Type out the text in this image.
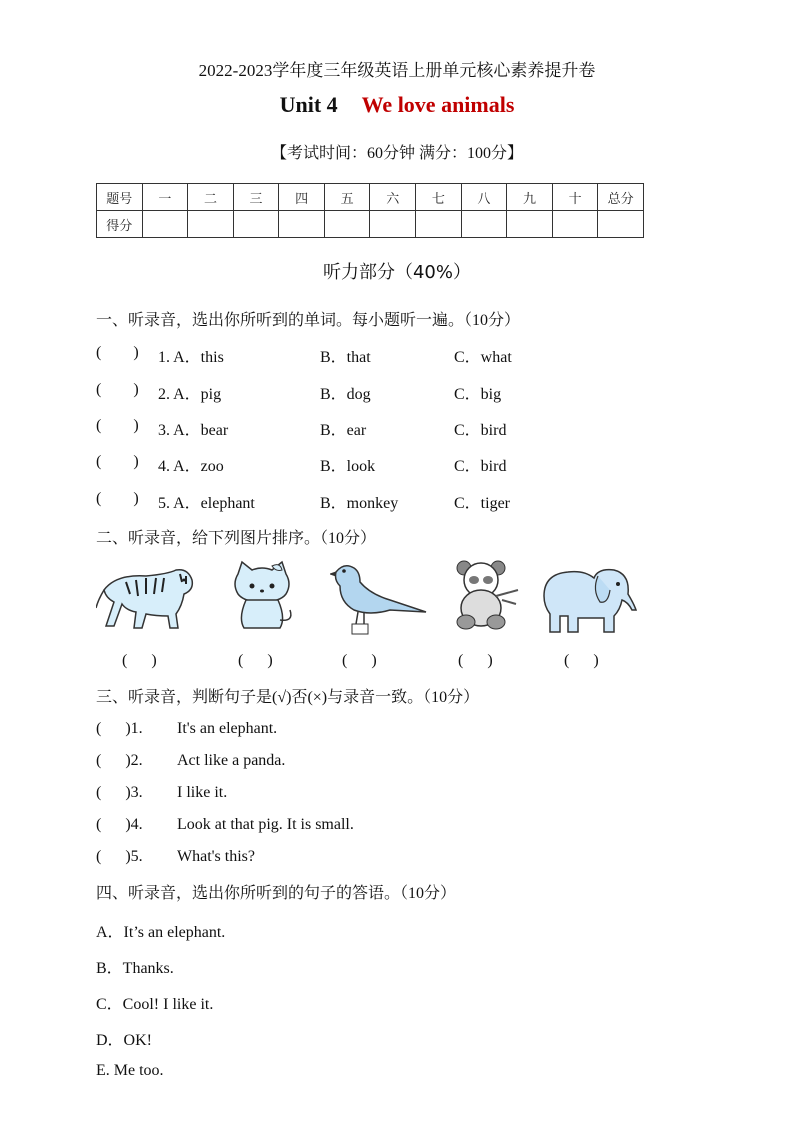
2022-2023学年度三年级英语上册单元核心素养提升卷
Unit 4 We love animals
【考试时间：60分钟 满分：100分】
题号	一	二	三	四	五	六	七	八	九	十	总分
得分											
听力部分（40%）
一、听录音，选出你所听到的单词。每小题听一遍。（10分）
(        ) 1. A．this	B．that	C．what
(        ) 2. A．pig	B．dog	C．big
(        ) 3. A．bear	B．ear	C．bird
(        ) 4. A．zoo	B．look	C．bird
(        ) 5. A．elephant	B．monkey	C．tiger
二、听录音，给下列图片排序。（10分）
(      )	(      )	(      )	(      )	(      )
三、听录音，判断句子是(√)否(×)与录音一致。（10分）
(      )1. It's an elephant.
(      )2. Act like a panda.
(      )3. I like it.
(      )4. Look at that pig. It is small.
(      )5. What's this?
四、听录音，选出你所听到的句子的答语。（10分）
A．It’s an elephant.
B．Thanks.
C．Cool! I like it.
D．OK!
E. Me too.
